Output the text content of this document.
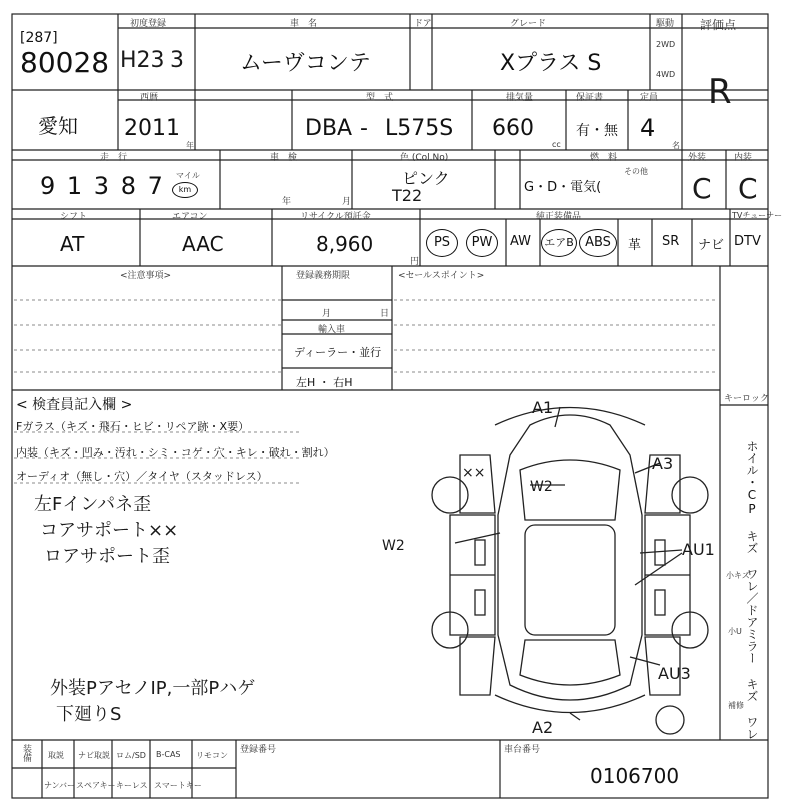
[287]
80028
初度登録
H23 3
車　名
ムーヴコンテ
ドア	グレード
Xプラス S
駆動
2WD
4WD
評価点
R
愛知
西暦
2011
年
型　式
DBA - L575S
排気量
660
cc
保証書
有・無
定員
4
名
走　行
9 1 3 8 7 マイル
km
車　検
年	月
色 (Col.No)
ピンク
T22
燃　料
G・D・電気(
その他
外装
C
内装
C
シフト
AT
エアコン
AAC
リサイクル預託金
8,960
円
純正装備品	TVチューナー
PS	PW	AW エアB ABS	革 SR ナビ DTV
<注意事項>	登録義務期限
月	日
輸入車
ディーラー・並行
左H ・ 右H
<セールスポイント>
< 検査員記入欄 >
Fガラス（キズ・飛石・ヒビ・リペア跡・X要）
内装（キズ・凹み・汚れ・シミ・コゲ・穴・キレ・破れ・割れ）
オーディオ（無し・穴）／タイヤ（スタッドレス）
左Fインパネ歪
コアサポート××
ロアサポート歪
外装PアセノIP,一部Pハゲ
下廻りS
キーロック
ホイル・CP キズ ワレ／ドアミラー キズ ワレ
小キズ
小U
補修
A1
A3
W2
W2	AU1
AU3
A2
××
装備 取説 ナビ取説 ロム/SD B-CAS リモコン
ナンバー スペアキー キーレス スマートキー
登録番号	車台番号
0106700
